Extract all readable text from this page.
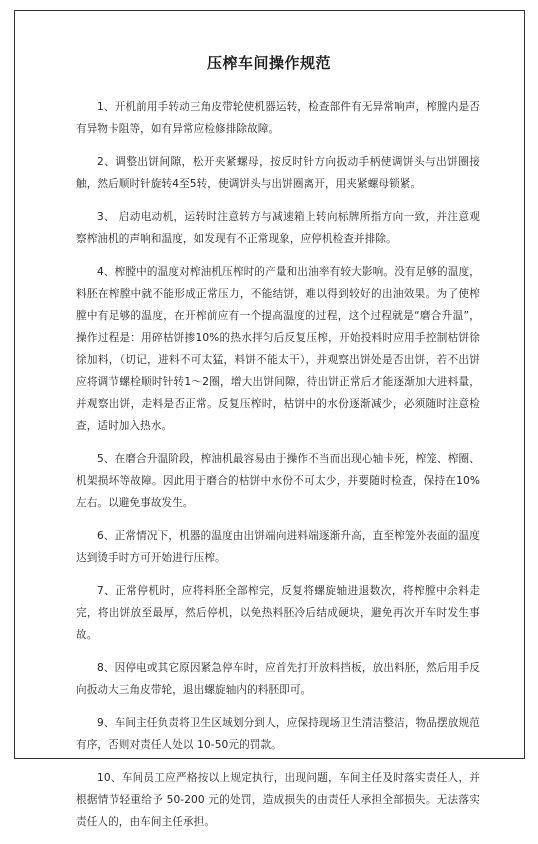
压榨车间操作规范

1、开机前用手转动三角皮带轮使机器运转，检查部件有无异常响声，榨膛内是否有异物卡阻等，如有异常应检修排除故障。

2、调整出饼间隙，松开夹紧螺母，按反时针方向扳动手柄使调饼头与出饼圈接触，然后顺时针旋转4至5转，使调饼头与出饼圈离开，用夹紧螺母锁紧。

3、 启动电动机，运转时注意转方与减速箱上转向标牌所指方向一致，并注意观察榨油机的声响和温度，如发现有不正常现象，应停机检查并排除。

4、榨膛中的温度对榨油机压榨时的产量和出油率有较大影响。没有足够的温度，料胚在榨膛中就不能形成正常压力，不能结饼，难以得到较好的出油效果。为了使榨膛中有足够的温度，在开榨前应有一个提高温度的过程，这个过程就是“磨合升温”，操作过程是：用碎枯饼掺10%的热水拌匀后反复压榨，开始投料时应用手控制枯饼徐徐加料，（切记，进料不可太猛，料饼不能太干），并观察出饼处是否出饼，若不出饼应将调节螺栓顺时针转1～2圈，增大出饼间隙，待出饼正常后才能逐渐加大进料量，并观察出饼，走料是否正常。反复压榨时，枯饼中的水份逐渐减少，必须随时注意检查，适时加入热水。

5、在磨合升温阶段，榨油机最容易由于操作不当而出现心轴卡死，榨笼、榨圈、机架损坏等故障。因此用于磨合的枯饼中水份不可太少，并要随时检查，保持在10%左右。以避免事故发生。

6、正常情况下，机器的温度由出饼端向进料端逐渐升高，直至榨笼外表面的温度达到烫手时方可开始进行压榨。

7、正常停机时，应将料胚全部榨完，反复将螺旋轴进退数次，将榨膛中余料走完，将出饼放至最厚，然后停机，以免热料胚冷后结成硬块，避免再次开车时发生事故。

8、因停电或其它原因紧急停车时，应首先打开放料挡板，放出料胚，然后用手反向扳动大三角皮带轮，退出螺旋轴内的料胚即可。

9、车间主任负责将卫生区域划分到人，应保持现场卫生清洁整洁，物品摆放规范有序，否则对责任人处以 10-50元的罚款。

10、车间员工应严格按以上规定执行，出现问题，车间主任及时落实责任人，并根据情节轻重给予 50-200 元的处罚，造成损失的由责任人承担全部损失。无法落实责任人的，由车间主任承担。
